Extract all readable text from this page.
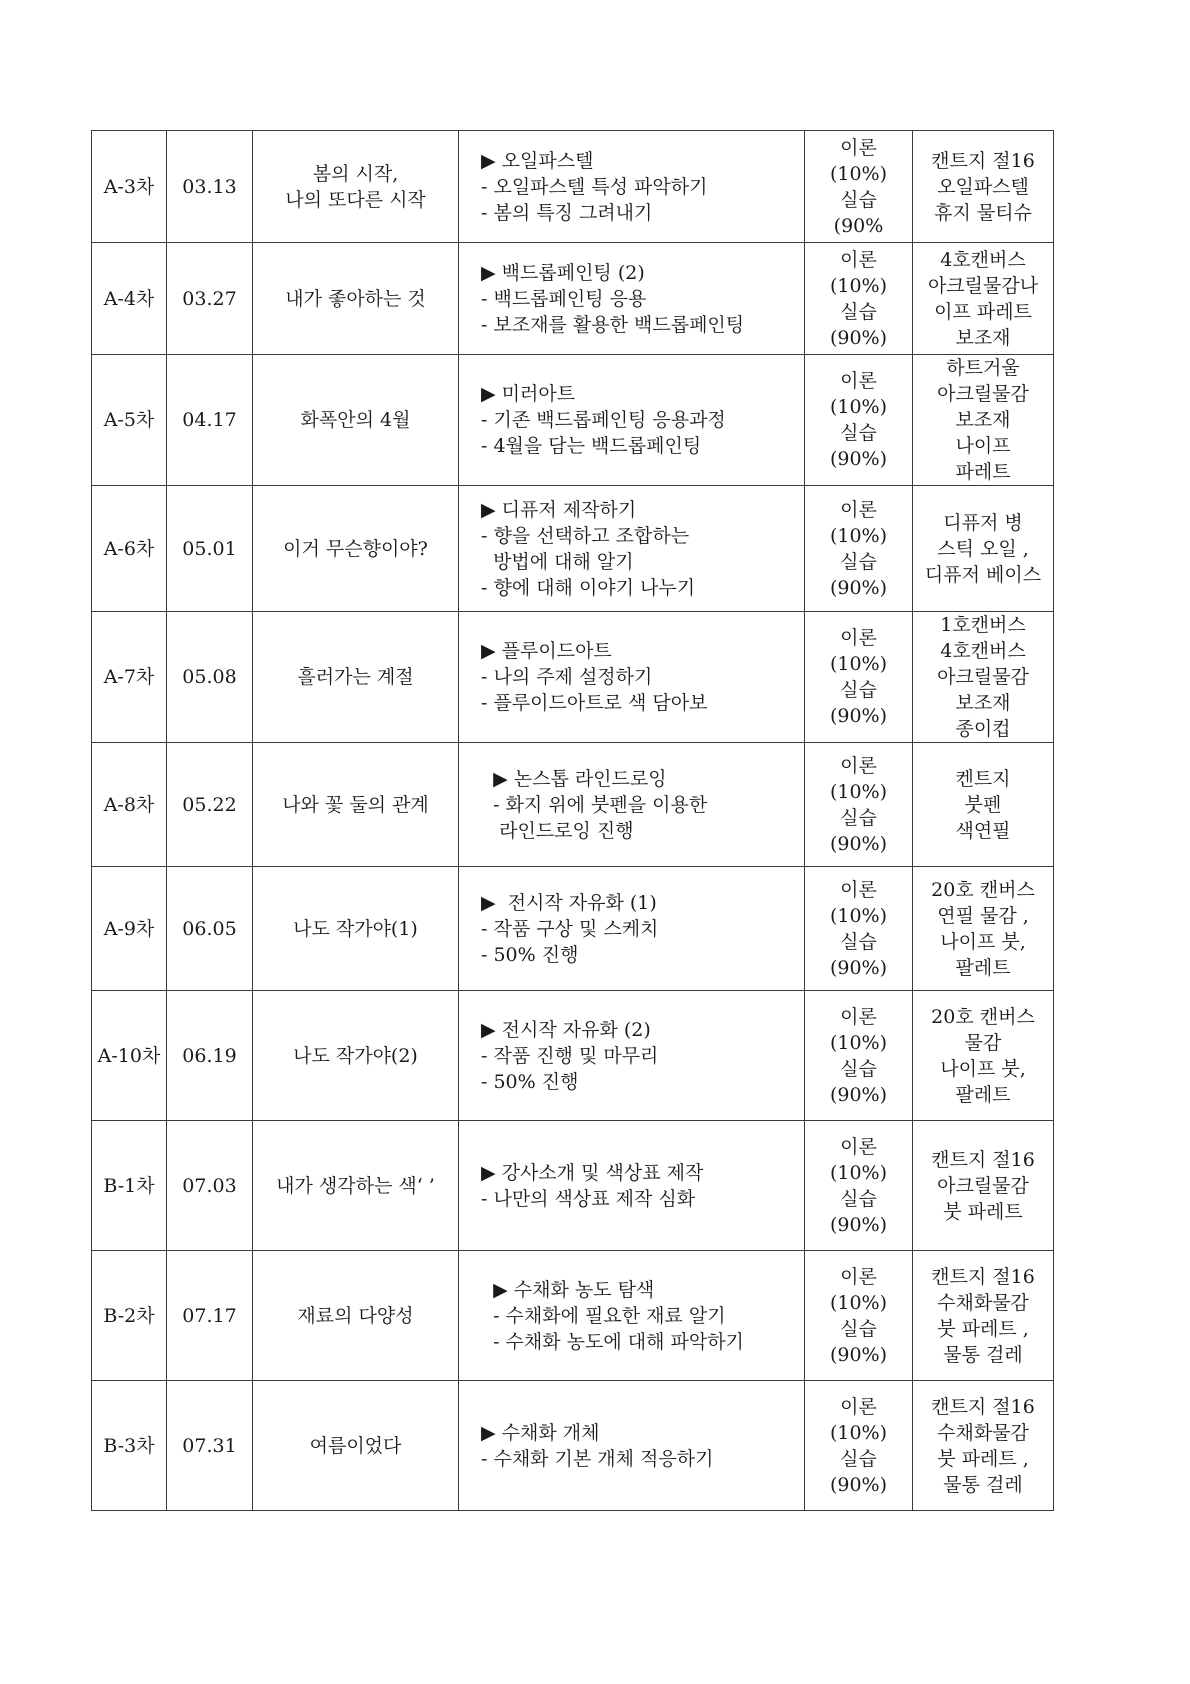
A-3차	03.13	봄의 시작,
나의 또다른 시작	▶ 오일파스텔
- 오일파스텔 특성 파악하기
- 봄의 특징 그려내기	이론
(10%)
실습
(90%	캔트지 절16
오일파스텔
휴지 물티슈

A-4차	03.27	내가 좋아하는 것	▶ 백드롭페인팅 (2)
- 백드롭페인팅 응용
- 보조재를 활용한 백드롭페인팅	이론
(10%)
실습
(90%)	4호캔버스
아크릴물감나
이프 파레트
보조재

A-5차	04.17	화폭안의 4월	▶ 미러아트
- 기존 백드롭페인팅 응용과정
- 4월을 담는 백드롭페인팅	이론
(10%)
실습
(90%)	하트거울
아크릴물감
보조재
나이프
파레트

A-6차	05.01	이거 무슨향이야?	▶ 디퓨저 제작하기
- 향을 선택하고 조합하는
방법에 대해 알기
- 향에 대해 이야기 나누기	이론
(10%)
실습
(90%)	디퓨저 병
스틱 오일 ,
디퓨저 베이스

A-7차	05.08	흘러가는 계절	▶ 플루이드아트
- 나의 주제 설정하기
- 플루이드아트로 색 담아보	이론
(10%)
실습
(90%)	1호캔버스
4호캔버스
아크릴물감
보조재
종이컵

A-8차	05.22	나와 꽃 둘의 관계	▶ 논스톱 라인드로잉
- 화지 위에 붓펜을 이용한
라인드로잉 진행	이론
(10%)
실습
(90%)	켄트지
붓펜
색연필

A-9차	06.05	나도 작가야(1)	▶  전시작 자유화 (1)
- 작품 구상 및 스케치
- 50% 진행	이론
(10%)
실습
(90%)	20호 캔버스
연필 물감 ,
나이프 붓,
팔레트

A-10차	06.19	나도 작가야(2)	▶ 전시작 자유화 (2)
- 작품 진행 및 마무리
- 50% 진행	이론
(10%)
실습
(90%)	20호 캔버스
물감
나이프 붓,
팔레트

B-1차	07.03	내가 생각하는 색‘ ’	▶ 강사소개 및 색상표 제작
- 나만의 색상표 제작 심화	이론
(10%)
실습
(90%)	캔트지 절16
아크릴물감
붓 파레트

B-2차	07.17	재료의 다양성	▶ 수채화 농도 탐색
- 수채화에 필요한 재료 알기
- 수채화 농도에 대해 파악하기	이론
(10%)
실습
(90%)	캔트지 절16
수채화물감
붓 파레트 ,
물통 걸레

B-3차	07.31	여름이었다	▶ 수채화 개체
- 수채화 기본 개체 적응하기	이론
(10%)
실습
(90%)	캔트지 절16
수채화물감
붓 파레트 ,
물통 걸레
